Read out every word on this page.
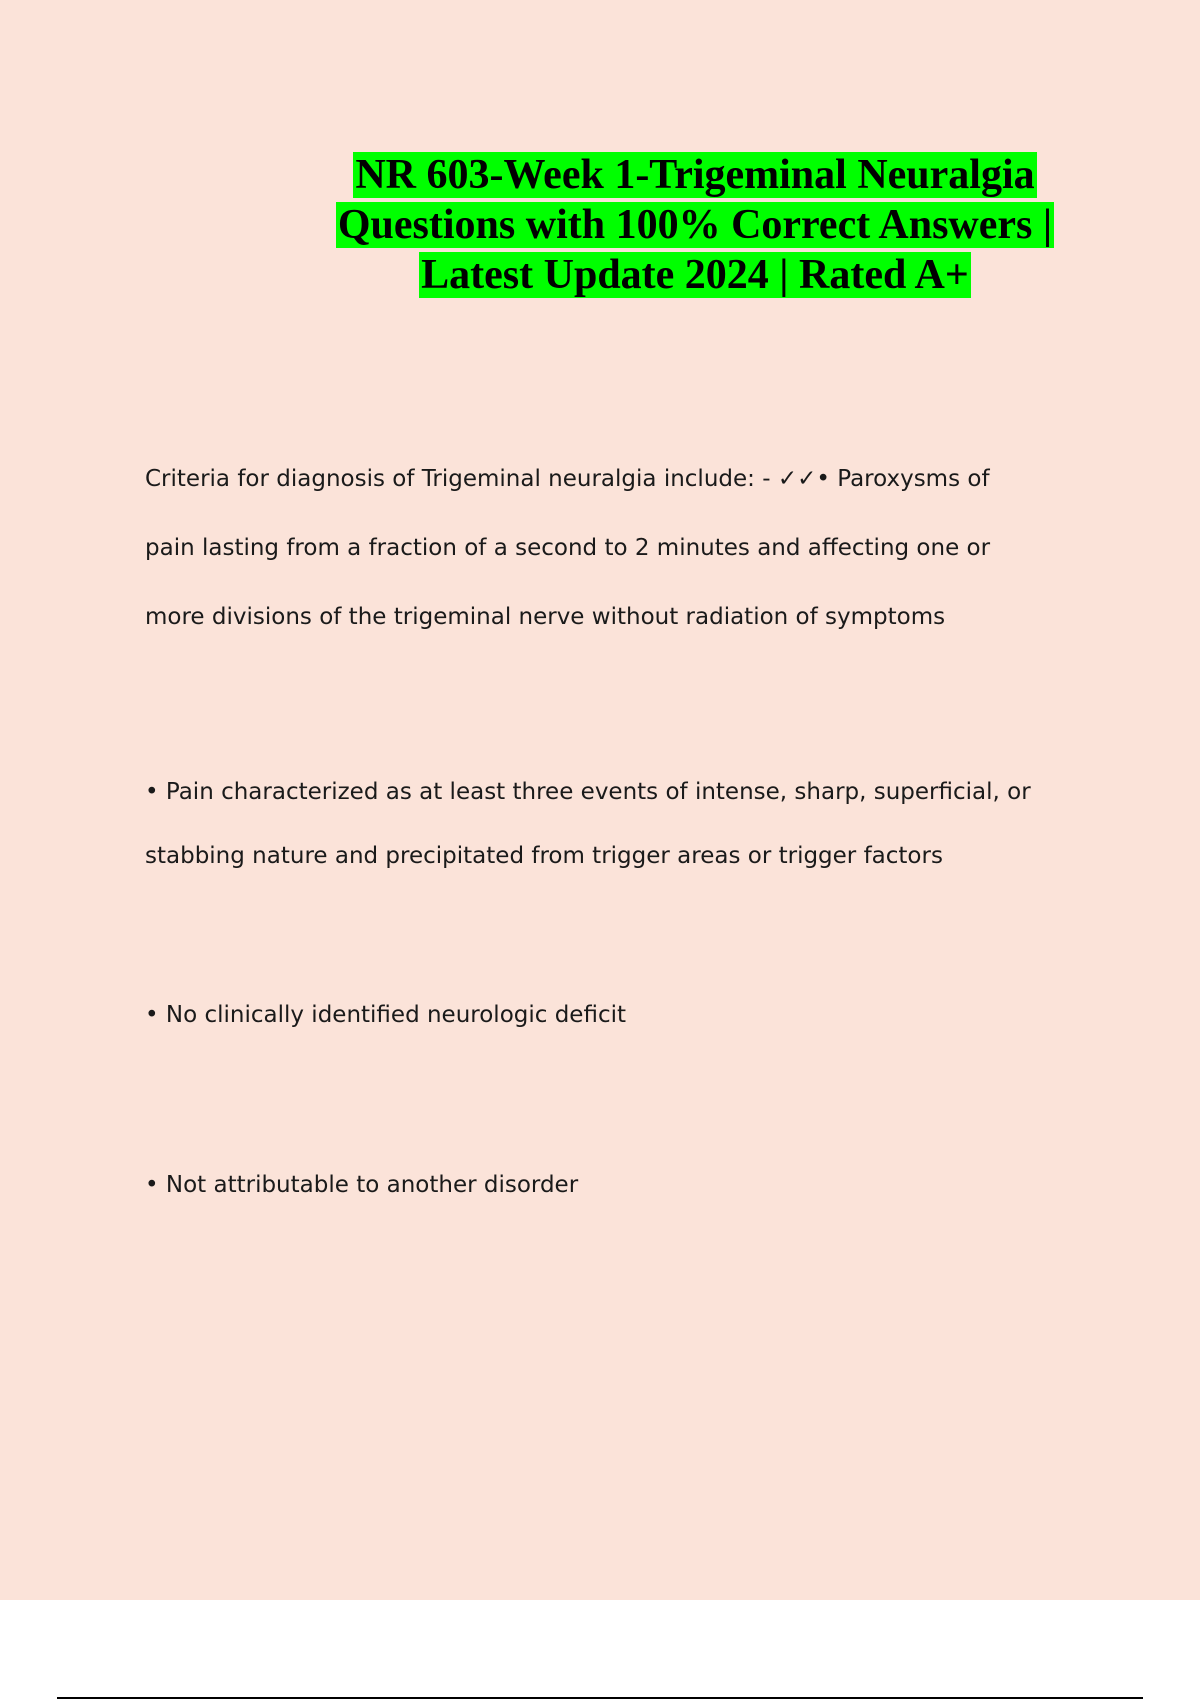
NR 603-Week 1-Trigeminal Neuralgia
Questions with 100% Correct Answers |
Latest Update 2024 | Rated A+
Criteria for diagnosis of Trigeminal neuralgia include: - ✓✓• Paroxysms of
pain lasting from a fraction of a second to 2 minutes and affecting one or
more divisions of the trigeminal nerve without radiation of symptoms
• Pain characterized as at least three events of intense, sharp, superficial, or
stabbing nature and precipitated from trigger areas or trigger factors
• No clinically identified neurologic deficit
• Not attributable to another disorder
